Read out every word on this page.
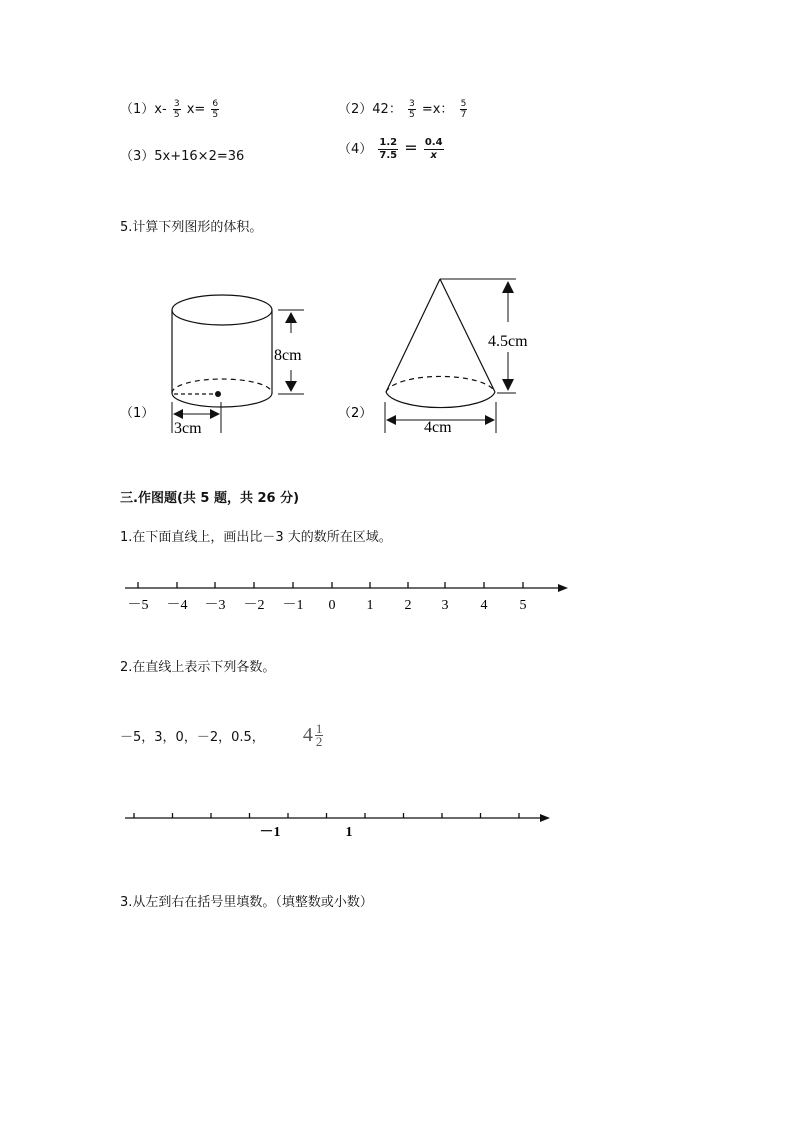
$(1)x- \frac{3}{5} x= \frac{6}{5}$	（2）42： $\frac{3}{5} =x$： $\frac{5}{7}$
（3）5x+16×2=36	$(4) \frac{1.2}{7.5} = \frac{0.4}{x}$
5.计算下列图形的体积。
8cm
3cm
（1）
4.5cm
4cm
（2）
三.作图题(共 5 题，共 26 分)
1.在下面直线上，画出比－3 大的数所在区域。
－5 －4 －3 －2 －1 0 1 2 3 4 5
2.在直线上表示下列各数。
－5，3，0，－2，0.5， $4 \frac{1}{2}$
－1	1
3.从左到右在括号里填数。（填整数或小数）
